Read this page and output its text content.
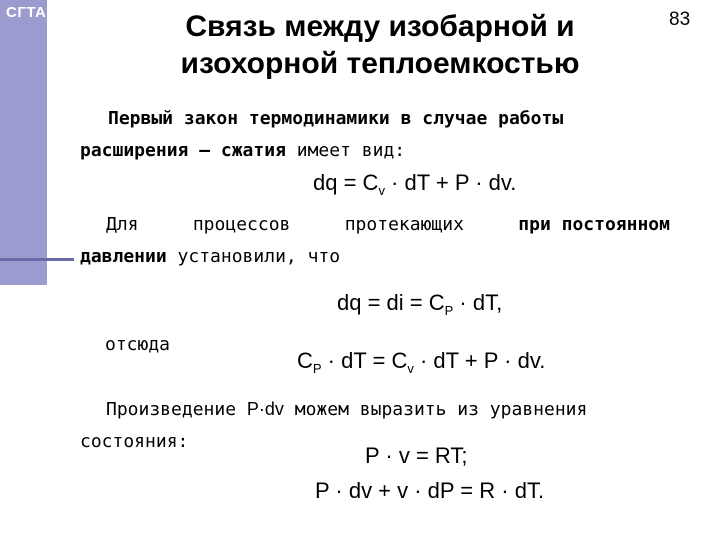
СГТА	83
Связь между изобарной и
изохорной теплоемкостью
Первый закон термодинамики в случае работы
расширения – сжатия имеет вид:
dq = $C_v$ · dT + P · dv.
Для	процессов	протекающих	при постоянном
давлении установили, что
dq = di = $C_P$ · dT,
отсюда
$C_P$ · dT = $C_v$ · dT + P · dv.
Произведение P·dv можем выразить из уравнения
состояния:
P · v = RT;
P · dv + v · dP = R · dT.
